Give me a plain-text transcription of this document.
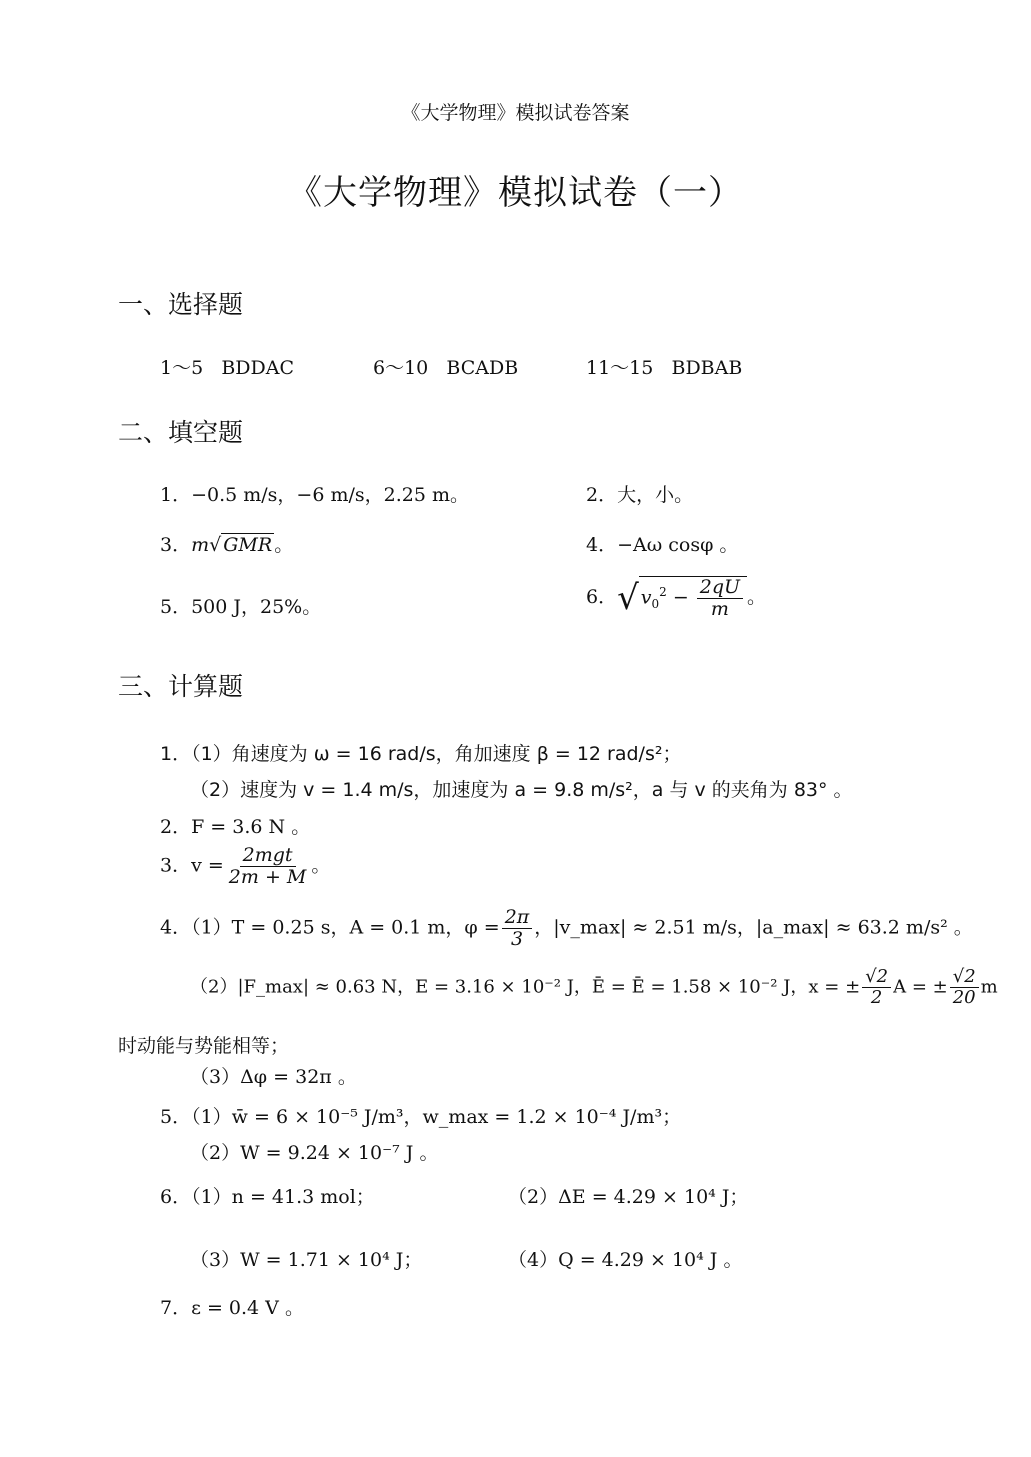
《大学物理》模拟试卷答案
《大学物理》模拟试卷（一）
一、选择题
1～5 BDDAC	6～10 BCADB	11～15 BDBAB
二、填空题
1．−0.5 m/s，−6 m/s，2.25 m。	2．大，小。
3．m√ GMR 。	4．−Aω cosφ 。
5．500 J，25%。	6．√ $v_0^2 - \frac{2qU}{m}$ 。
三、计算题
1．（1）角速度为 ω = 16 rad/s，角加速度 β = 12 rad/s²；
（2）速度为 v = 1.4 m/s，加速度为 a = 9.8 m/s²，a 与 v 的夹角为 83° 。
2．F = 3.6 N 。
3．$v = \frac{\text{2mgt}}{2m + M}$ 。
4．（1）T = 0.25 s，A = 0.1 m，$\varphi = \frac{2\pi}{3}$ ，|v_max| ≈ 2.51 m/s，|a_max| ≈ 63.2 m/s² 。
（2）|F_max| ≈ 0.63 N，E = 3.16 × 10⁻² J，Ē = Ē = 1.58 × 10⁻² J，x = ± $\frac{√2}{2}$ A = ± $\frac{√2}{20}$ m
时动能与势能相等；
（3）Δφ = 32π 。
5．（1）w̄ = 6 × 10⁻⁵ J/m³，w_max = 1.2 × 10⁻⁴ J/m³；
（2）W = 9.24 × 10⁻⁷ J 。
6．（1）n = 41.3 mol；	（2）ΔE = 4.29 × 10⁴ J；
（3）W = 1.71 × 10⁴ J；	（4）Q = 4.29 × 10⁴ J 。
7．ε = 0.4 V 。
